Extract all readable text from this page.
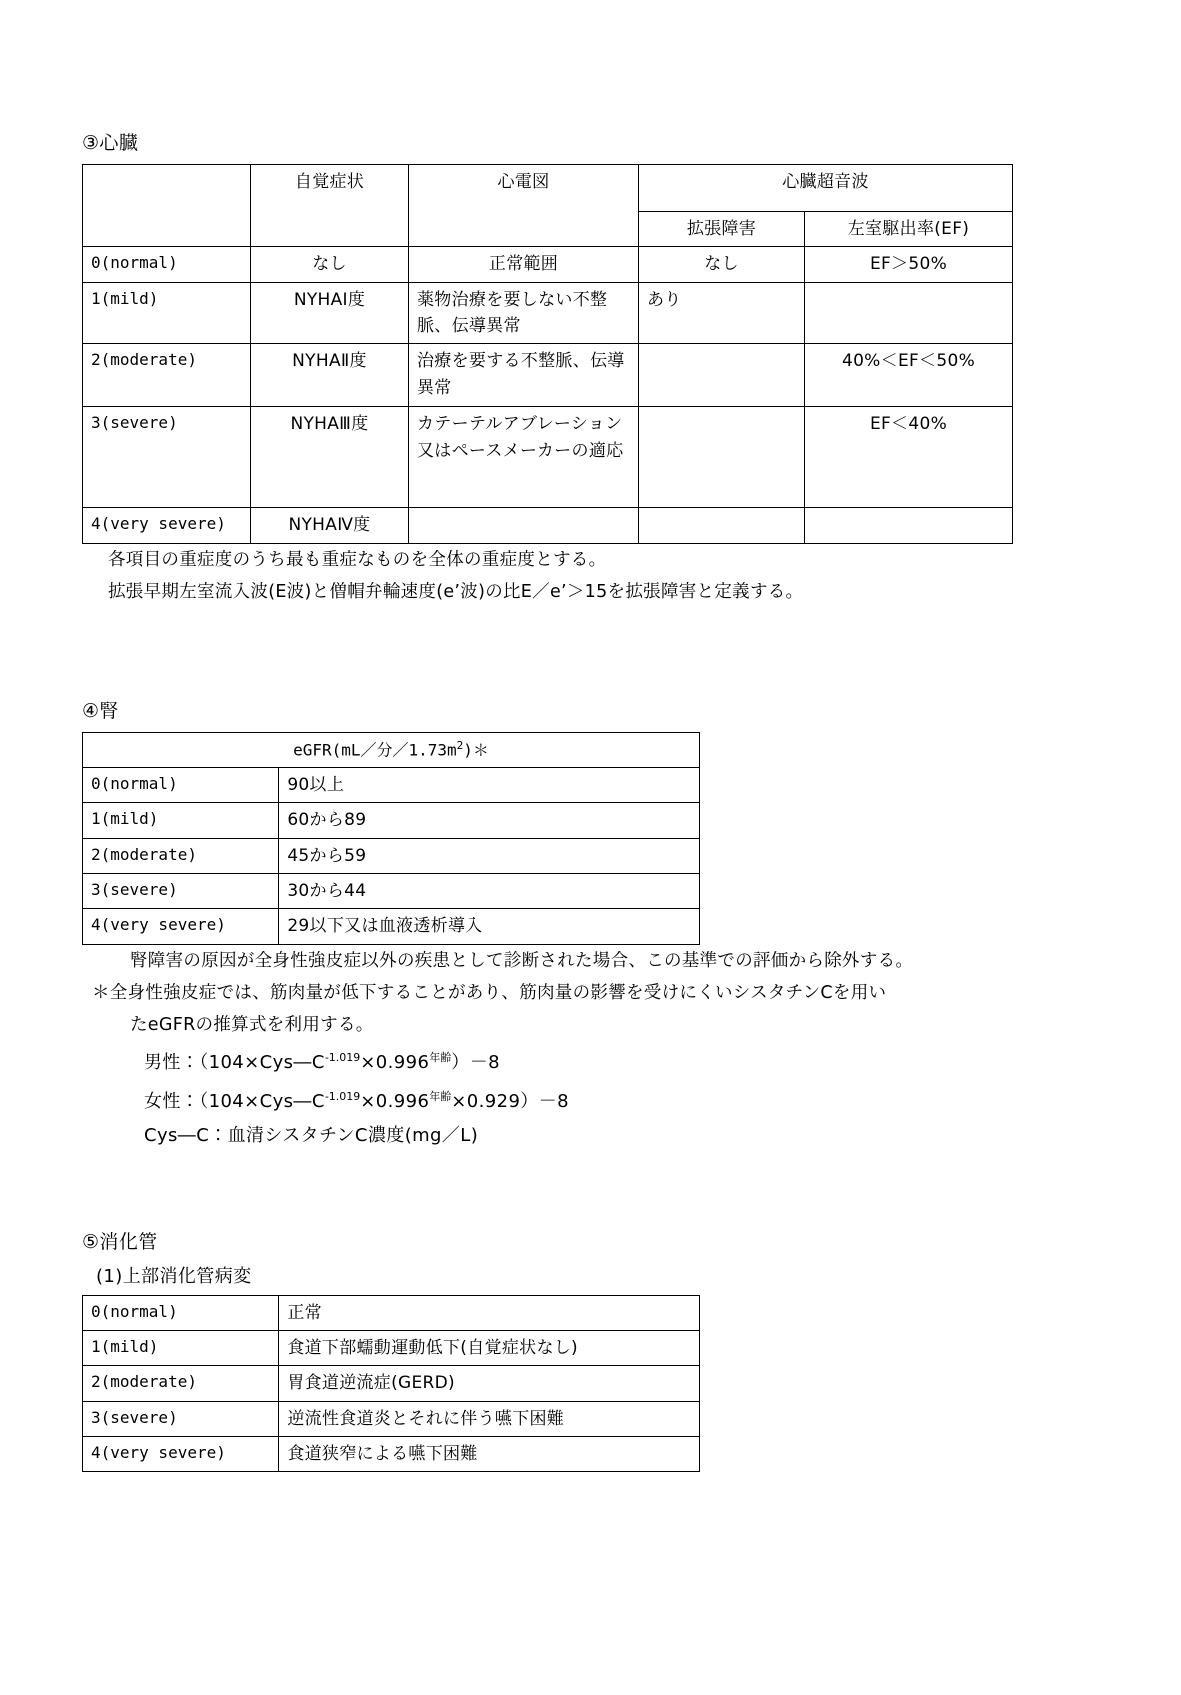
③心臓
	自覚症状	心電図	心臓超音波	
			拡張障害	左室駆出率(EF)
0(normal)	なし	正常範囲	なし	EF＞50%
1(mild)	NYHAⅠ度	薬物治療を要しない不整脈、伝導異常	あり	
2(moderate)	NYHAⅡ度	治療を要する不整脈、伝導異常		40%＜EF＜50%
3(severe)	NYHAⅢ度	カテーテルアブレーション又はペースメーカーの適応		EF＜40%
4(very severe)	NYHAⅣ度			
各項目の重症度のうち最も重症なものを全体の重症度とする。
拡張早期左室流入波(E波)と僧帽弁輪速度(e’波)の比E／e’＞15を拡張障害と定義する。
④腎
eGFR(mL／分$/1.73m^2)*$	
0(normal)	90以上
1(mild)	60から89
2(moderate)	45から59
3(severe)	30から44
4(very severe)	29以下又は血液透析導入
腎障害の原因が全身性強皮症以外の疾患として診断された場合、この基準での評価から除外する。
＊全身性強皮症では、筋肉量が低下することがあり、筋肉量の影響を受けにくいシスタチンCを用い
たeGFRの推算式を利用する。
男性：$(104\times Cys―C^{-1.019}\times 0.996^{年齢})-8$
女性：$(104\times Cys―C^{-1.019}\times 0.996^{年齢}\times 0.929)-8$
Cys―C：血清シスタチンC濃度(mg／L)
⑤消化管
(1)上部消化管病変
0(normal)	正常
1(mild)	食道下部蠕動運動低下(自覚症状なし)
2(moderate)	胃食道逆流症(GERD)
3(severe)	逆流性食道炎とそれに伴う嚥下困難
4(very severe)	食道狭窄による嚥下困難
